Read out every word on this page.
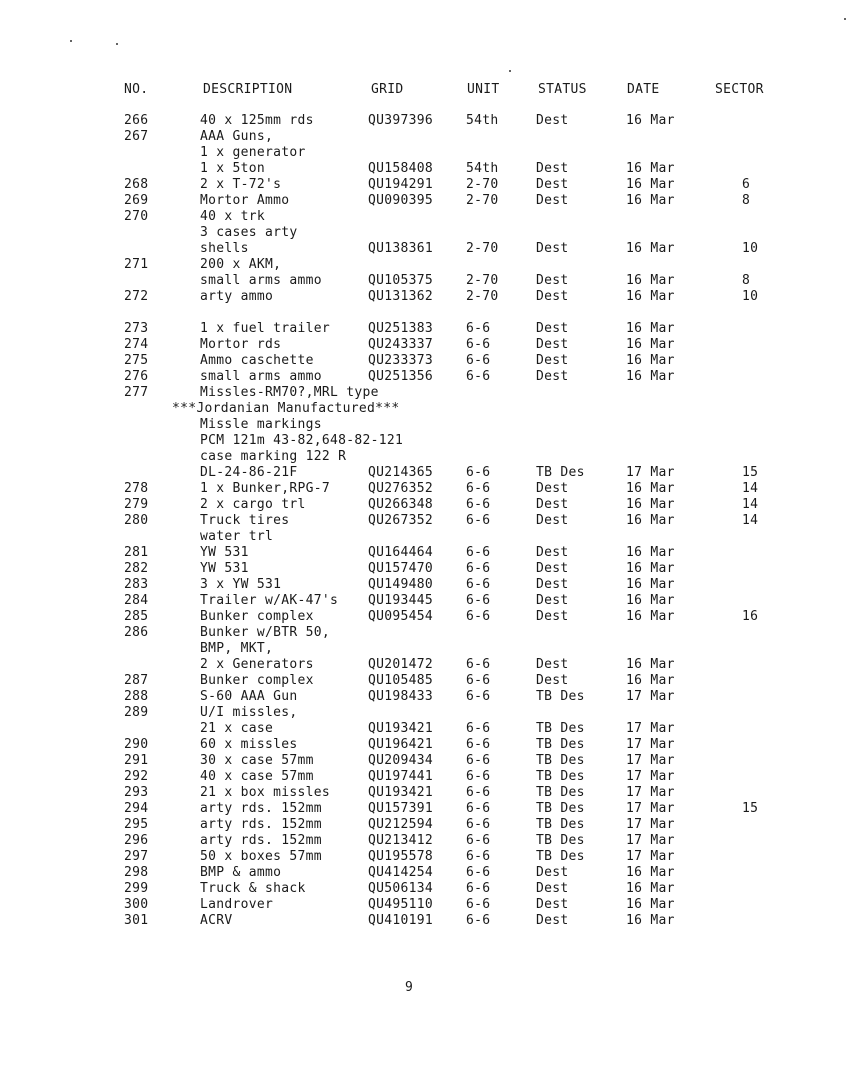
NO.	DESCRIPTION	GRID	UNIT	STATUS	DATE	SECTOR
266	40 x 125mm rds	QU397396	54th	Dest	16 Mar
267	AAA Guns,
1 x generator
1 x 5ton	QU158408	54th	Dest	16 Mar
268	2 x T-72's	QU194291	2-70	Dest	16 Mar	6
269	Mortor Ammo	QU090395	2-70	Dest	16 Mar	8
270	40 x trk
3 cases arty
shells	QU138361	2-70	Dest	16 Mar	10
271	200 x AKM,
small arms ammo	QU105375	2-70	Dest	16 Mar	8
272	arty ammo	QU131362	2-70	Dest	16 Mar	10
273	1 x fuel trailer	QU251383	6-6	Dest	16 Mar
274	Mortor rds	QU243337	6-6	Dest	16 Mar
275	Ammo caschette	QU233373	6-6	Dest	16 Mar
276	small arms ammo	QU251356	6-6	Dest	16 Mar
277	Missles-RM70?,MRL type
***Jordanian Manufactured***
Missle markings
PCM 121m 43-82,648-82-121
case marking 122 R
DL-24-86-21F	QU214365	6-6	TB Des	17 Mar	15
278	1 x Bunker,RPG-7	QU276352	6-6	Dest	16 Mar	14
279	2 x cargo trl	QU266348	6-6	Dest	16 Mar	14
280	Truck tires	QU267352	6-6	Dest	16 Mar	14
water trl
281	YW 531	QU164464	6-6	Dest	16 Mar
282	YW 531	QU157470	6-6	Dest	16 Mar
283	3 x YW 531	QU149480	6-6	Dest	16 Mar
284	Trailer w/AK-47's QU193445	6-6	Dest	16 Mar
285	Bunker complex	QU095454	6-6	Dest	16 Mar	16
286	Bunker w/BTR 50,
BMP, MKT,
2 x Generators	QU201472	6-6	Dest	16 Mar
287	Bunker complex	QU105485	6-6	Dest	16 Mar
288	S-60 AAA Gun	QU198433	6-6	TB Des	17 Mar
289	U/I missles,
21 x case	QU193421	6-6	TB Des	17 Mar
290	60 x missles	QU196421	6-6	TB Des	17 Mar
291	30 x case 57mm	QU209434	6-6	TB Des	17 Mar
292	40 x case 57mm	QU197441	6-6	TB Des	17 Mar
293	21 x box missles	QU193421	6-6	TB Des	17 Mar
294	arty rds. 152mm	QU157391	6-6	TB Des	17 Mar	15
295	arty rds. 152mm	QU212594	6-6	TB Des	17 Mar
296	arty rds. 152mm	QU213412	6-6	TB Des	17 Mar
297	50 x boxes 57mm	QU195578	6-6	TB Des	17 Mar
298	BMP & ammo	QU414254	6-6	Dest	16 Mar
299	Truck & shack	QU506134	6-6	Dest	16 Mar
300	Landrover	QU495110	6-6	Dest	16 Mar
301	ACRV	QU410191	6-6	Dest	16 Mar
9
